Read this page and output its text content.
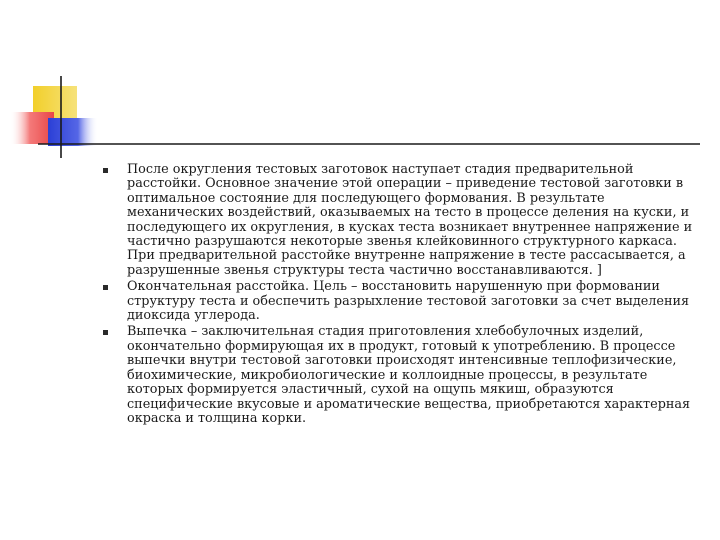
После округления тестовых заготовок наступает стадия предварительной расстойки. Основное значение этой операции – приведение тестовой заготовки в оптимальное состояние для последующего формования. В результате механических воздействий, оказываемых на тесто в процессе деления на куски, и последующего их округления, в кусках теста возникает внутреннее напряжение и частично разрушаются некоторые звенья клейковинного структурного каркаса. При предварительной расстойке внутренне напряжение в тесте рассасывается, а разрушенные звенья структуры теста частично восстанавливаются. ]
Окончательная расстойка. Цель – восстановить нарушенную при формовании структуру теста и обеспечить разрыхление тестовой заготовки за счет выделения диоксида углерода.
Выпечка – заключительная стадия приготовления хлебобулочных изделий, окончательно формирующая их в продукт, готовый к употреблению. В процессе выпечки внутри тестовой заготовки происходят интенсивные теплофизические, биохимические, микробиологические и коллоидные процессы, в результате которых формируется эластичный, сухой на ощупь мякиш, образуются специфические вкусовые и ароматические вещества, приобретаются характерная окраска и толщина корки.
